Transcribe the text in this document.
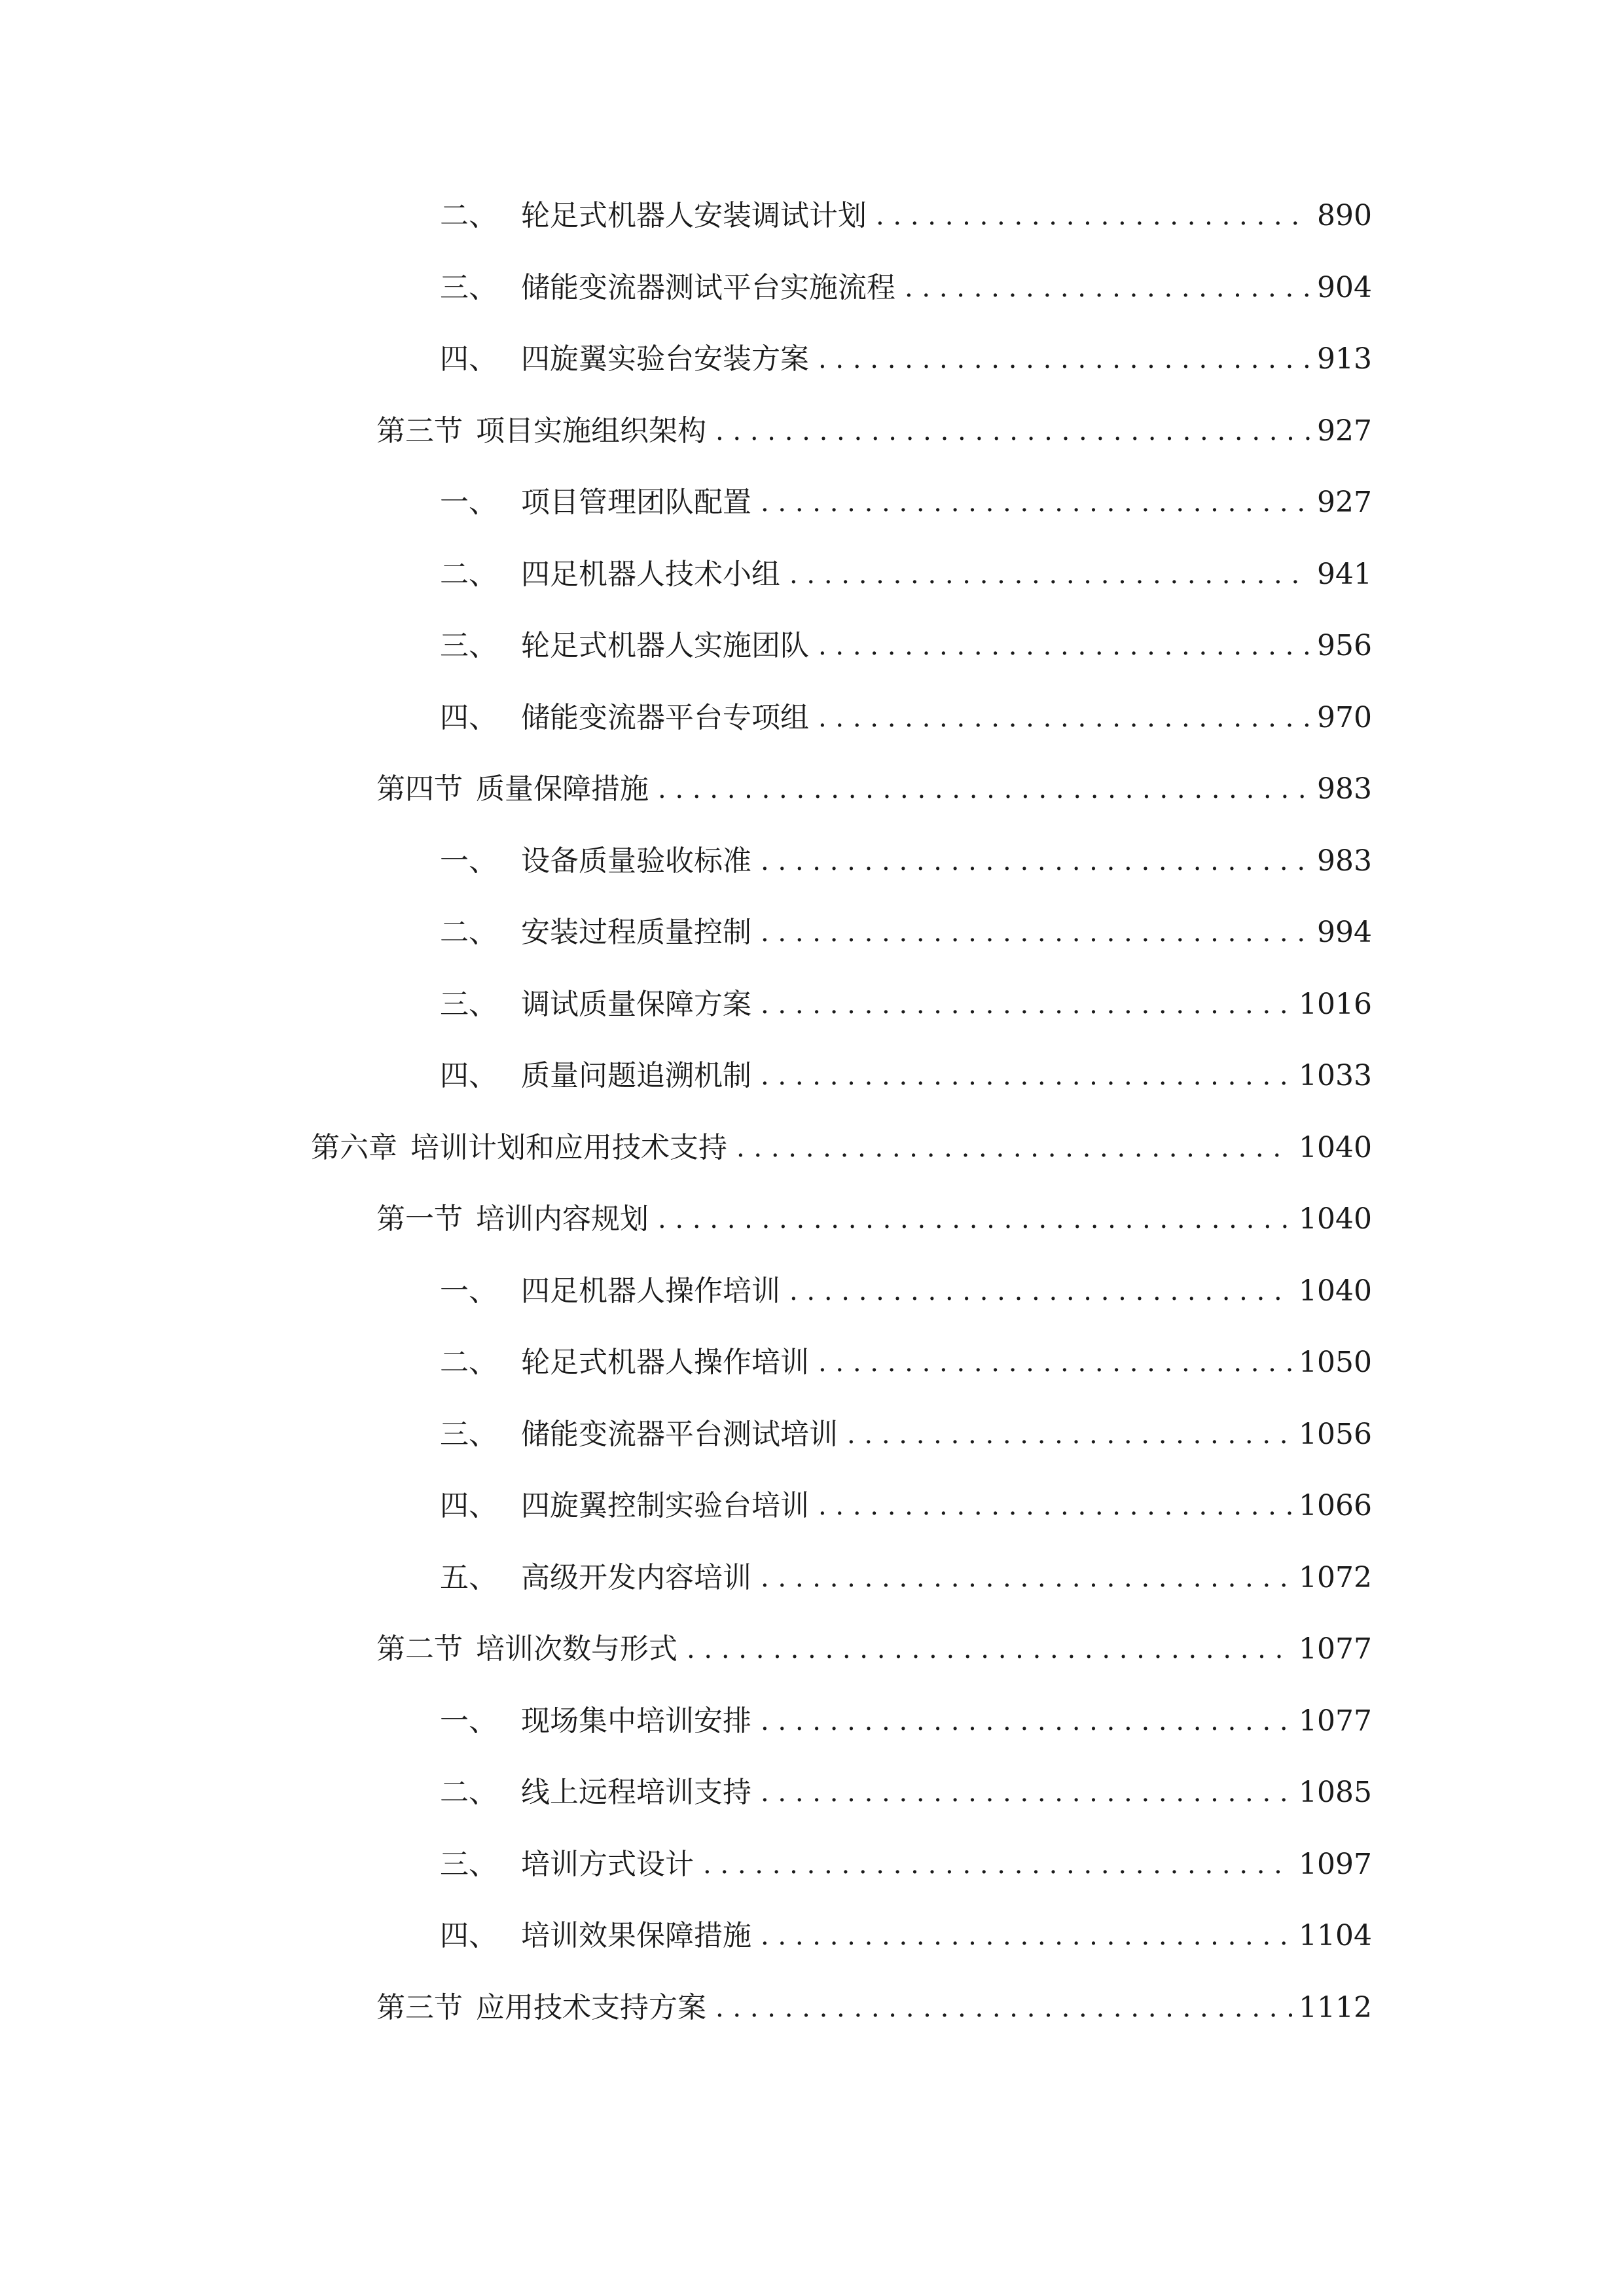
二、 轮足式机器人安装调试计划 . . .	890
三、 储能变流器测试平台实施流程 . . .	904
四、 四旋翼实验台安装方案 . . .	913
第三节 项目实施组织架构 . . .	927
一、 项目管理团队配置 . . .	927
二、 四足机器人技术小组 . . .	941
三、 轮足式机器人实施团队 . . .	956
四、 储能变流器平台专项组 . . .	970
第四节 质量保障措施 . . .	983
一、 设备质量验收标准 . . .	983
二、 安装过程质量控制 . . .	994
三、 调试质量保障方案 . . .	1016
四、 质量问题追溯机制 . . .	1033
第六章 培训计划和应用技术支持 . . .	1040
第一节 培训内容规划 . . .	1040
一、 四足机器人操作培训 . . .	1040
二、 轮足式机器人操作培训 . . .	1050
三、 储能变流器平台测试培训 . . .	1056
四、 四旋翼控制实验台培训 . . .	1066
五、 高级开发内容培训 . . .	1072
第二节 培训次数与形式 . . .	1077
一、 现场集中培训安排 . . .	1077
二、 线上远程培训支持 . . .	1085
三、 培训方式设计 . . .	1097
四、 培训效果保障措施 . . .	1104
第三节 应用技术支持方案 . . .	1112
